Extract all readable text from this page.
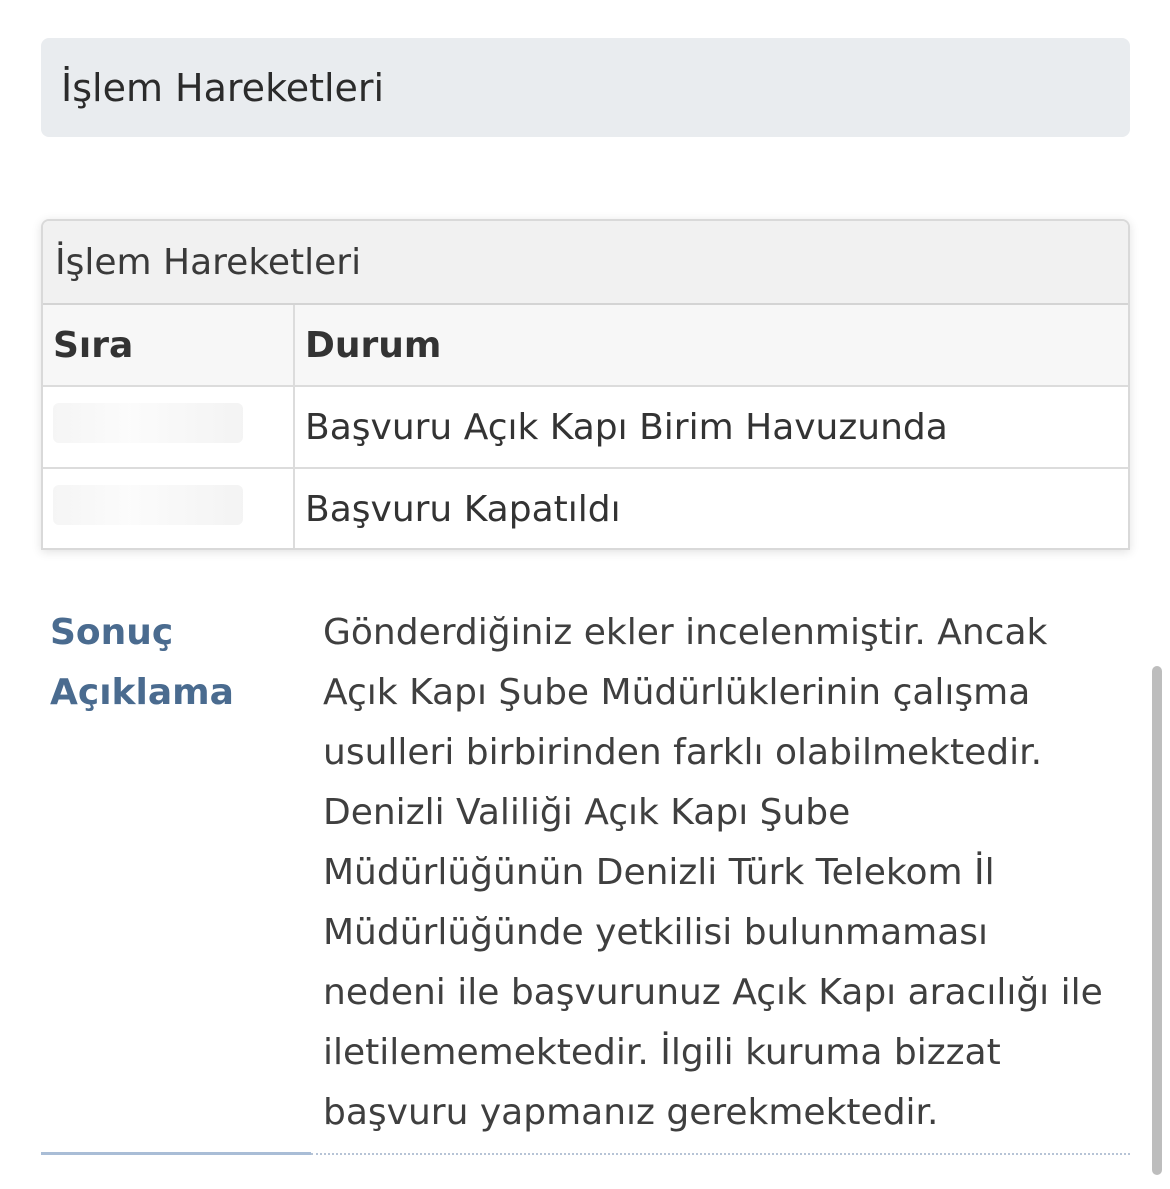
İşlem Hareketleri
İşlem Hareketleri
Sıra	Durum
	Başvuru Açık Kapı Birim Havuzunda
	Başvuru Kapatıldı
Sonuç Açıklama
Gönderdiğiniz ekler incelenmiştir. Ancak Açık Kapı Şube Müdürlüklerinin çalışma usulleri birbirinden farklı olabilmektedir. Denizli Valiliği Açık Kapı Şube Müdürlüğünün Denizli Türk Telekom İl Müdürlüğünde yetkilisi bulunmaması nedeni ile başvurunuz Açık Kapı aracılığı ile iletilememektedir. İlgili kuruma bizzat başvuru yapmanız gerekmektedir.
